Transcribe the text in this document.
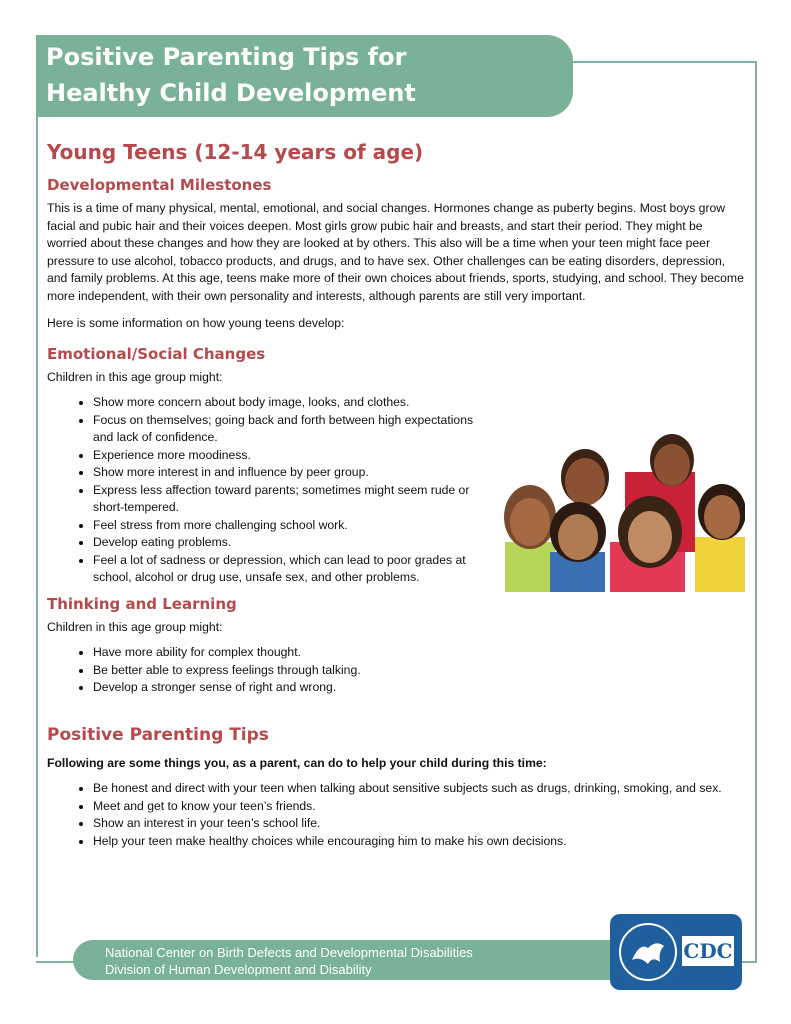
Positive Parenting Tips for
Healthy Child Development
Young Teens (12-14 years of age)
Developmental Milestones

This is a time of many physical, mental, emotional, and social changes. Hormones change as puberty begins. Most boys grow facial and pubic hair and their voices deepen. Most girls grow pubic hair and breasts, and start their period. They might be worried about these changes and how they are looked at by others. This also will be a time when your teen might face peer pressure to use alcohol, tobacco products, and drugs, and to have sex. Other challenges can be eating disorders, depression, and family problems. At this age, teens make more of their own choices about friends, sports, studying, and school. They become more independent, with their own personality and interests, although parents are still very important.

Here is some information on how young teens develop:

Emotional/Social Changes

Children in this age group might:

• Show more concern about body image, looks, and clothes.
• Focus on themselves; going back and forth between high expectations and lack of confidence.
• Experience more moodiness.
• Show more interest in and influence by peer group.
• Express less affection toward parents; sometimes might seem rude or short-tempered.
• Feel stress from more challenging school work.
• Develop eating problems.
• Feel a lot of sadness or depression, which can lead to poor grades at school, alcohol or drug use, unsafe sex, and other problems.
Thinking and Learning

Children in this age group might:

• Have more ability for complex thought.
• Be better able to express feelings through talking.
• Develop a stronger sense of right and wrong.
Positive Parenting Tips

Following are some things you, as a parent, can do to help your child during this time:

• Be honest and direct with your teen when talking about sensitive subjects such as drugs, drinking, smoking, and sex.
• Meet and get to know your teen’s friends.
• Show an interest in your teen’s school life.
• Help your teen make healthy choices while encouraging him to make his own decisions.
National Center on Birth Defects and Developmental Disabilities
Division of Human Development and Disability
CDC
